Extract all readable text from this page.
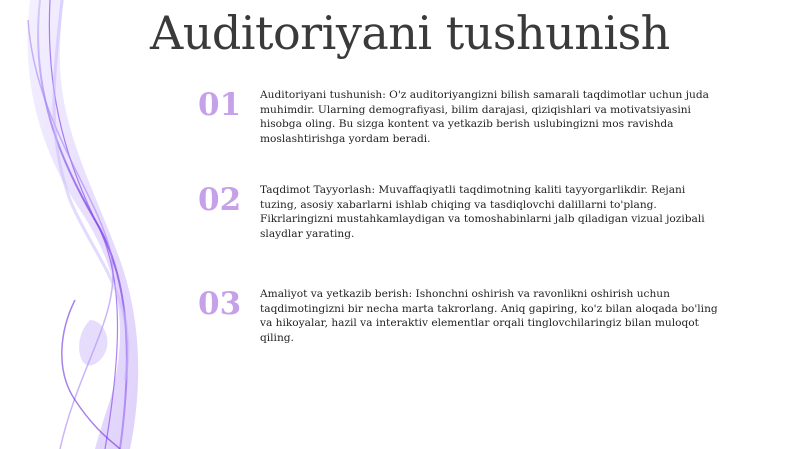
Auditoriyani tushunish
01 Auditoriyani tushunish: O'z auditoriyangizni bilish samarali taqdimotlar uchun juda muhimdir. Ularning demografiyasi, bilim darajasi, qiziqishlari va motivatsiyasini hisobga oling. Bu sizga kontent va yetkazib berish uslubingizni mos ravishda moslashtirishga yordam beradi.

02 Taqdimot Tayyorlash: Muvaffaqiyatli taqdimotning kaliti tayyorgarlikdir. Rejani tuzing, asosiy xabarlarni ishlab chiqing va tasdiqlovchi dalillarni to'plang. Fikrlaringizni mustahkamlaydigan va tomoshabinlarni jalb qiladigan vizual jozibali slaydlar yarating.

03 Amaliyot va yetkazib berish: Ishonchni oshirish va ravonlikni oshirish uchun taqdimotingizni bir necha marta takrorlang. Aniq gapiring, ko'z bilan aloqada bo'ling va hikoyalar, hazil va interaktiv elementlar orqali tinglovchilaringiz bilan muloqot qiling.
